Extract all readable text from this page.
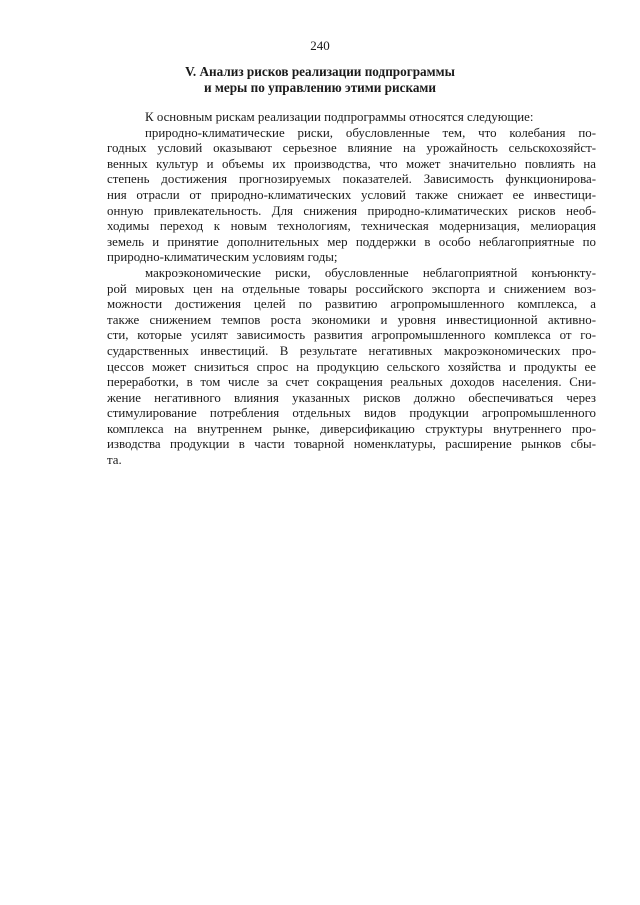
240
V. Анализ рисков реализации подпрограммы
и меры по управлению этими рисками
К основным рискам реализации подпрограммы относятся следующие:
природно-климатические риски, обусловленные тем, что колебания по-
годных условий оказывают серьезное влияние на урожайность сельскохозяйст-
венных культур и объемы их производства, что может значительно повлиять на
степень достижения прогнозируемых показателей. Зависимость функционирова-
ния отрасли от природно-климатических условий также снижает ее инвестици-
онную привлекательность. Для снижения природно-климатических рисков необ-
ходимы переход к новым технологиям, техническая модернизация, мелиорация
земель и принятие дополнительных мер поддержки в особо неблагоприятные по
природно-климатическим условиям годы;
макроэкономические риски, обусловленные неблагоприятной конъюнкту-
рой мировых цен на отдельные товары российского экспорта и снижением воз-
можности достижения целей по развитию агропромышленного комплекса, а
также снижением темпов роста экономики и уровня инвестиционной активно-
сти, которые усилят зависимость развития агропромышленного комплекса от го-
сударственных инвестиций. В результате негативных макроэкономических про-
цессов может снизиться спрос на продукцию сельского хозяйства и продукты ее
переработки, в том числе за счет сокращения реальных доходов населения. Сни-
жение негативного влияния указанных рисков должно обеспечиваться через
стимулирование потребления отдельных видов продукции агропромышленного
комплекса на внутреннем рынке, диверсификацию структуры внутреннего про-
изводства продукции в части товарной номенклатуры, расширение рынков сбы-
та.
